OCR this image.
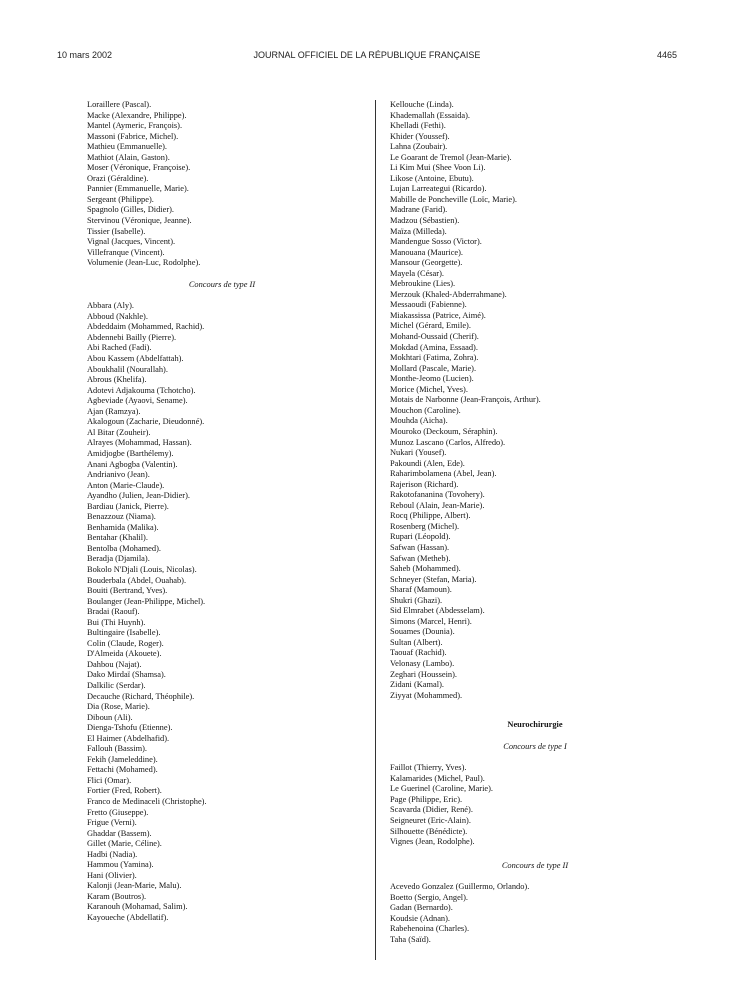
10 mars 2002	JOURNAL OFFICIEL DE LA RÉPUBLIQUE FRANÇAISE	4465
Loraillere (Pascal).
Macke (Alexandre, Philippe).
Mantel (Aymeric, François).
Massoni (Fabrice, Michel).
Mathieu (Emmanuelle).
Mathiot (Alain, Gaston).
Moser (Véronique, Françoise).
Orazi (Géraldine).
Pannier (Emmanuelle, Marie).
Sergeant (Philippe).
Spagnolo (Gilles, Didier).
Stervinou (Véronique, Jeanne).
Tissier (Isabelle).
Vignal (Jacques, Vincent).
Villefranque (Vincent).
Volumenie (Jean-Luc, Rodolphe).
Concours de type II
Abbara (Aly).
Abboud (Nakhle).
Abdeddaim (Mohammed, Rachid).
Abdennebi Bailly (Pierre).
Abi Rached (Fadi).
Abou Kassem (Abdelfattah).
Aboukhalil (Nourallah).
Abrous (Khelifa).
Adotevi Adjakouma (Tchotcho).
Agbeviade (Ayaovi, Sename).
Ajan (Ramzya).
Akalogoun (Zacharie, Dieudonné).
Al Bitar (Zouheir).
Alrayes (Mohammad, Hassan).
Amidjogbe (Barthélemy).
Anani Agbogba (Valentin).
Andrianivo (Jean).
Anton (Marie-Claude).
Ayandho (Julien, Jean-Didier).
Bardiau (Janick, Pierre).
Benazzouz (Niama).
Benhamida (Malika).
Bentahar (Khalil).
Bentolba (Mohamed).
Beradja (Djamila).
Bokolo N'Djali (Louis, Nicolas).
Bouderbala (Abdel, Ouahab).
Bouiti (Bertrand, Yves).
Boulanger (Jean-Philippe, Michel).
Bradai (Raouf).
Bui (Thi Huynh).
Bultingaire (Isabelle).
Colin (Claude, Roger).
D'Almeida (Akouete).
Dahbou (Najat).
Dako Mirdaï (Shamsa).
Dalkilic (Serdar).
Decauche (Richard, Théophile).
Dia (Rose, Marie).
Diboun (Ali).
Dienga-Tshofu (Etienne).
El Haimer (Abdelhafid).
Fallouh (Bassim).
Fekih (Jameleddine).
Fettachi (Mohamed).
Flici (Omar).
Fortier (Fred, Robert).
Franco de Medinaceli (Christophe).
Fretto (Giuseppe).
Frigue (Verni).
Ghaddar (Bassem).
Gillet (Marie, Céline).
Hadbi (Nadia).
Hammou (Yamina).
Hani (Olivier).
Kalonji (Jean-Marie, Malu).
Karam (Boutros).
Karanouh (Mohamad, Salim).
Kayoueche (Abdellatif).
Kellouche (Linda).
Khademallah (Essaida).
Khelladi (Fethi).
Khider (Youssef).
Lahna (Zoubair).
Le Goarant de Tremol (Jean-Marie).
Li Kim Mui (Shee Voon Li).
Likose (Antoine, Ebutu).
Lujan Larreategui (Ricardo).
Mabille de Poncheville (Loïc, Marie).
Madrane (Farid).
Madzou (Sébastien).
Maïza (Milleda).
Mandengue Sosso (Victor).
Manouana (Maurice).
Mansour (Georgette).
Mayela (César).
Mebroukine (Lies).
Merzouk (Khaled-Abderrahmane).
Messaoudi (Fabienne).
Miakassissa (Patrice, Aimé).
Michel (Gérard, Emile).
Mohand-Oussaid (Cherif).
Mokdad (Amina, Essaad).
Mokhtari (Fatima, Zohra).
Mollard (Pascale, Marie).
Monthe-Jeomo (Lucien).
Morice (Michel, Yves).
Motais de Narbonne (Jean-François, Arthur).
Mouchon (Caroline).
Mouhda (Aicha).
Mouroko (Deckoum, Séraphin).
Munoz Lascano (Carlos, Alfredo).
Nukari (Yousef).
Pakoundi (Alen, Ede).
Raharimbolamena (Abel, Jean).
Rajerison (Richard).
Rakotofananina (Tovohery).
Reboul (Alain, Jean-Marie).
Rocq (Philippe, Albert).
Rosenberg (Michel).
Rupari (Léopold).
Safwan (Hassan).
Safwan (Metheb).
Saheb (Mohammed).
Schneyer (Stefan, Maria).
Sharaf (Mamoun).
Shukri (Ghazi).
Sid Elmrabet (Abdesselam).
Simons (Marcel, Henri).
Souames (Dounia).
Sultan (Albert).
Taouaf (Rachid).
Velonasy (Lambo).
Zeghari (Houssein).
Zidani (Kamal).
Ziyyat (Mohammed).
Neurochirurgie
Concours de type I
Faillot (Thierry, Yves).
Kalamarides (Michel, Paul).
Le Guerinel (Caroline, Marie).
Page (Philippe, Eric).
Scavarda (Didier, René).
Seigneuret (Eric-Alain).
Silhouette (Bénédicte).
Vignes (Jean, Rodolphe).
Concours de type II
Acevedo Gonzalez (Guillermo, Orlando).
Boetto (Sergio, Angel).
Gadan (Bernardo).
Koudsie (Adnan).
Rabehenoina (Charles).
Taha (Saïd).
